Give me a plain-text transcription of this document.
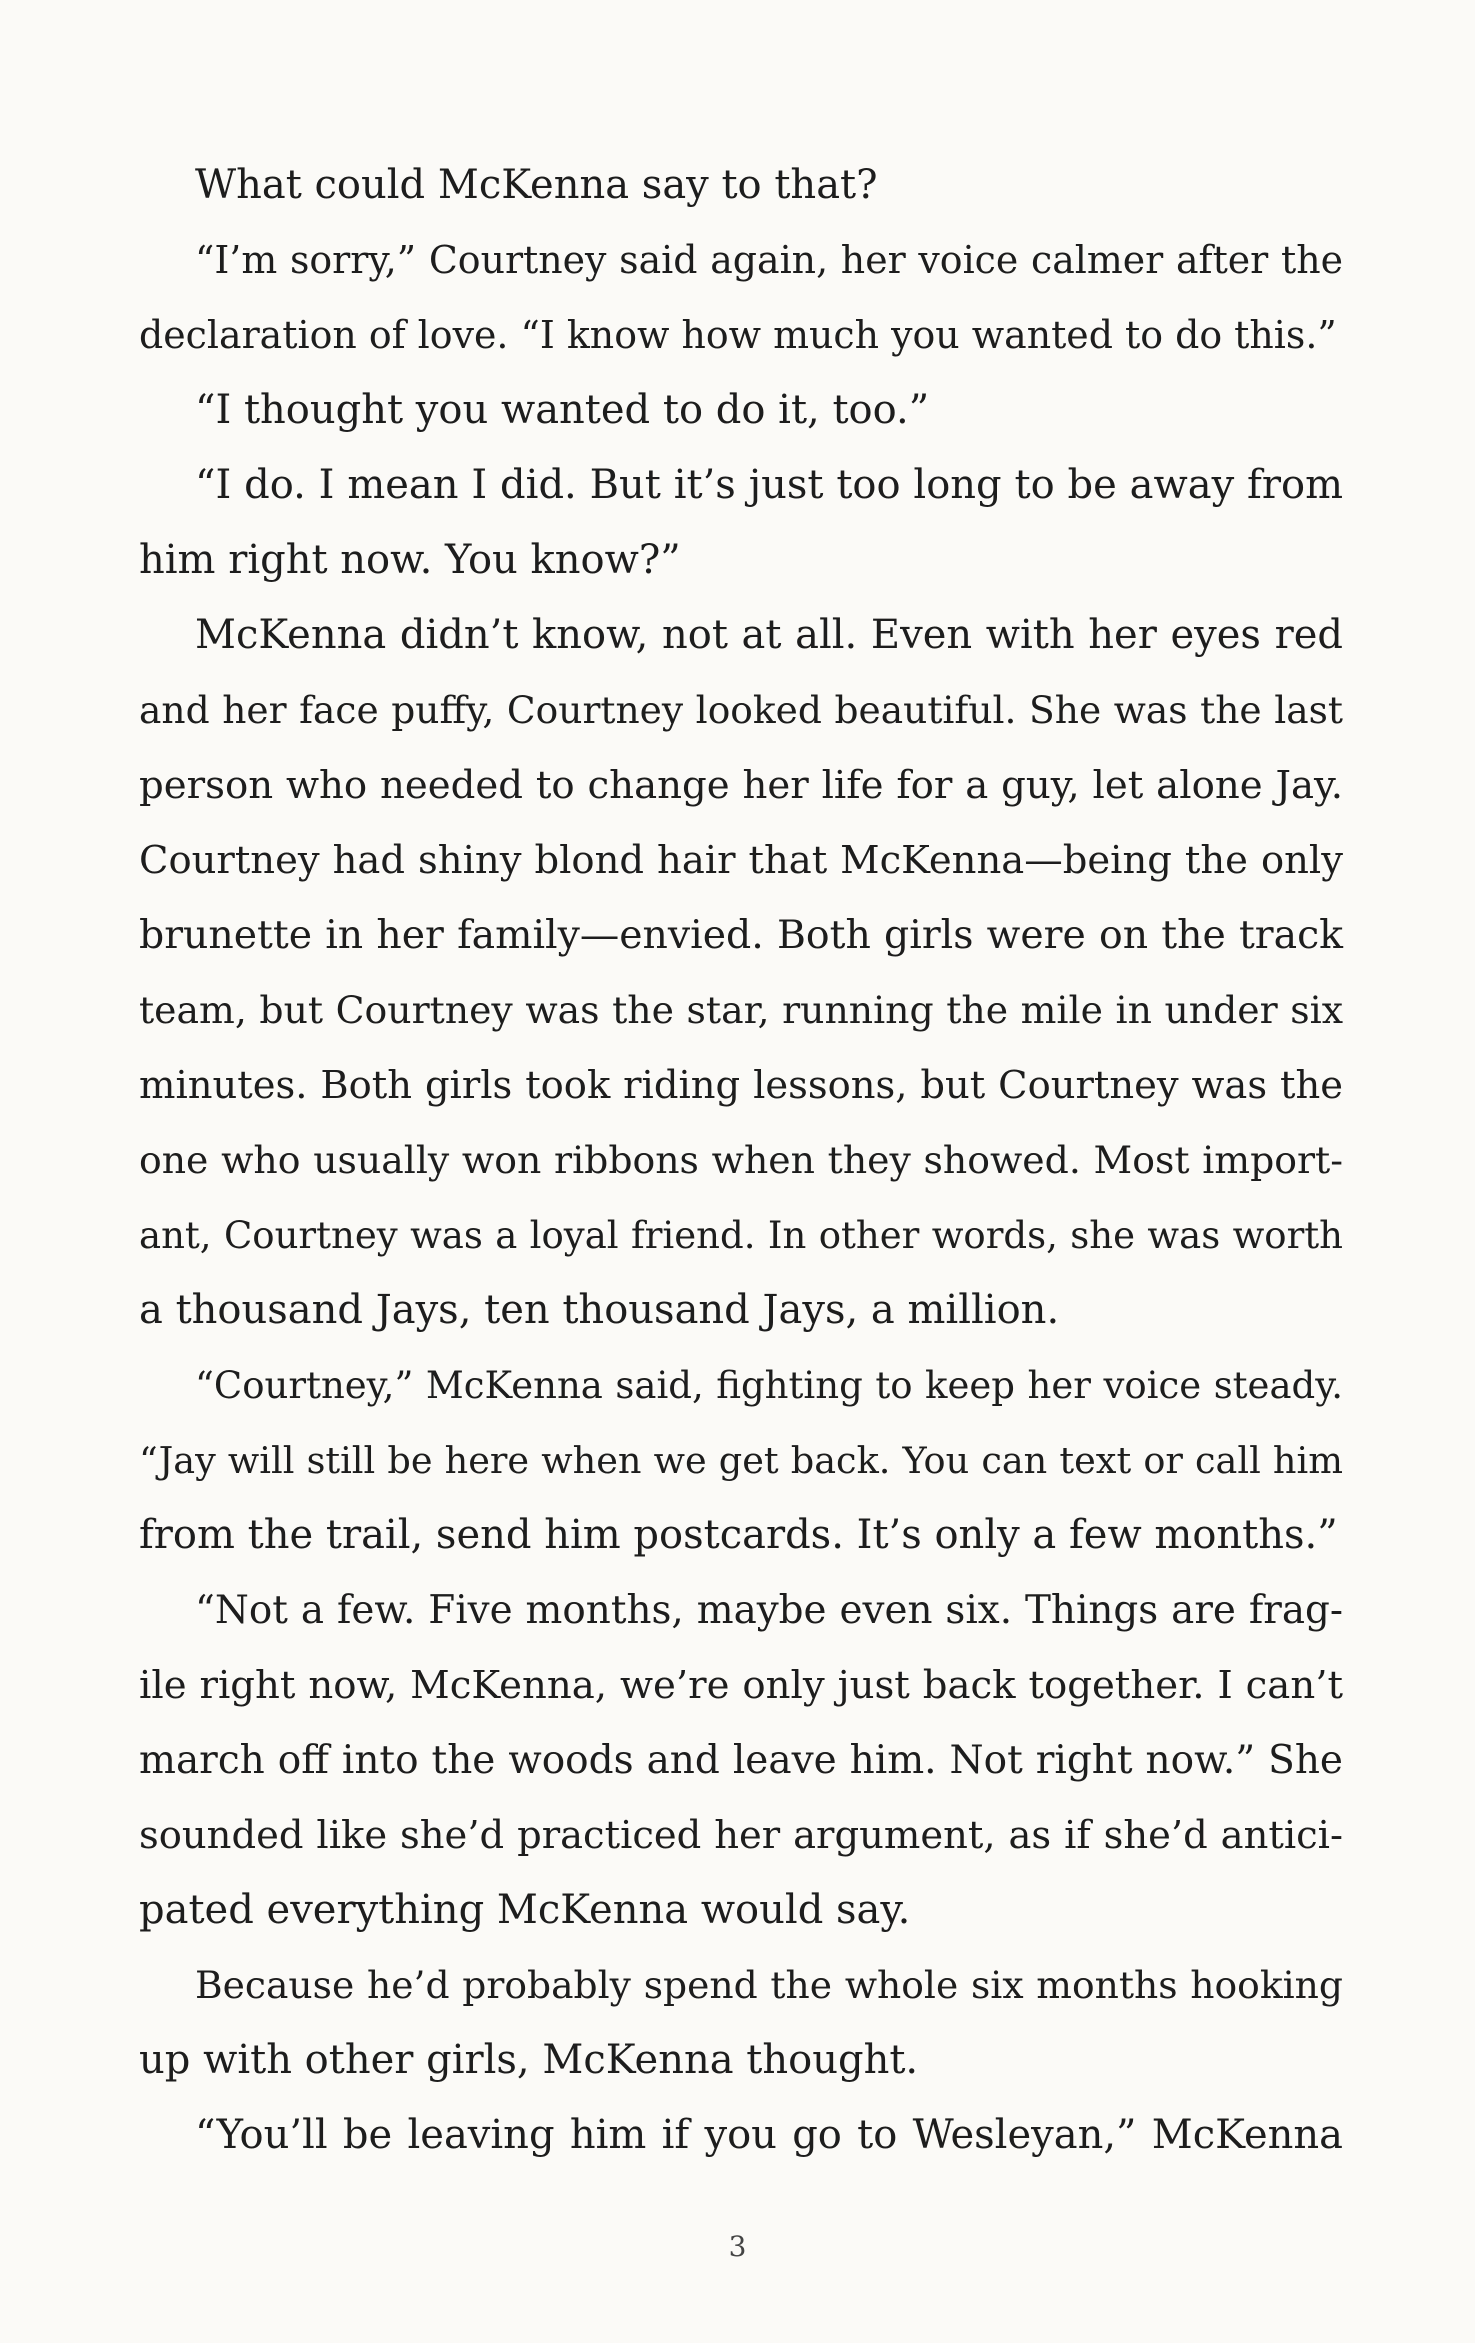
What could McKenna say to that?
“I’m sorry,” Courtney said again, her voice calmer after the
declaration of love. “I know how much you wanted to do this.”
“I thought you wanted to do it, too.”
“I do. I mean I did. But it’s just too long to be away from
him right now. You know?”
McKenna didn’t know, not at all. Even with her eyes red
and her face puffy, Courtney looked beautiful. She was the last
person who needed to change her life for a guy, let alone Jay.
Courtney had shiny blond hair that McKenna—being the only
brunette in her family—envied. Both girls were on the track
team, but Courtney was the star, running the mile in under six
minutes. Both girls took riding lessons, but Courtney was the
one who usually won ribbons when they showed. Most import-
ant, Courtney was a loyal friend. In other words, she was worth
a thousand Jays, ten thousand Jays, a million.
“Courtney,” McKenna said, fighting to keep her voice steady.
“Jay will still be here when we get back. You can text or call him
from the trail, send him postcards. It’s only a few months.”
“Not a few. Five months, maybe even six. Things are frag-
ile right now, McKenna, we’re only just back together. I can’t
march off into the woods and leave him. Not right now.” She
sounded like she’d practiced her argument, as if she’d antici-
pated everything McKenna would say.
Because he’d probably spend the whole six months hooking
up with other girls, McKenna thought.
“You’ll be leaving him if you go to Wesleyan,” McKenna
3
